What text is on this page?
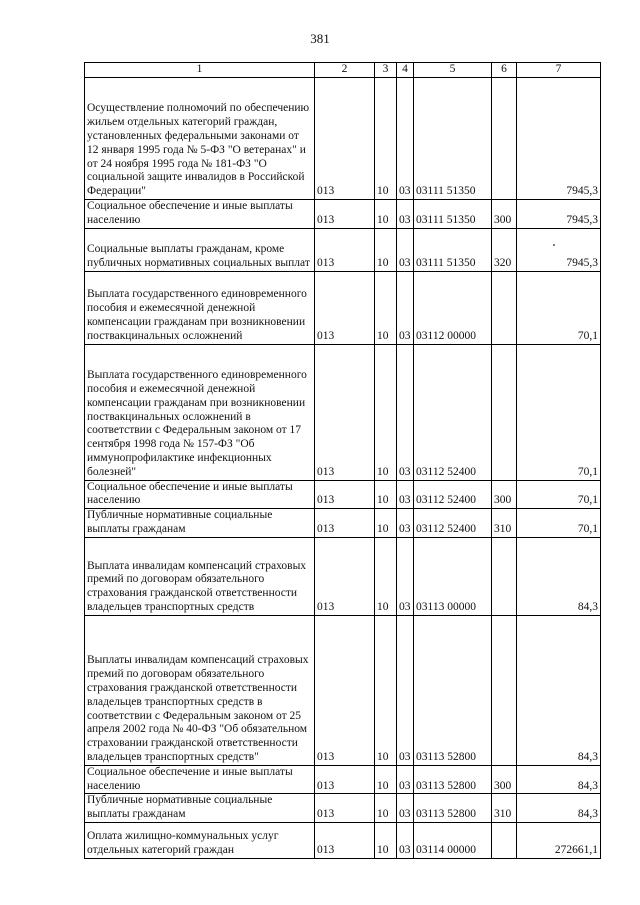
381
1	2	3	4	5	6	7
Осуществление полномочий по обеспечению жильем отдельных категорий граждан, установленных федеральными законами от 12 января 1995 года № 5-ФЗ "О ветеранах" и от 24 ноября 1995 года № 181-ФЗ "О социальной защите инвалидов в Российской Федерации"	013	10	03	03111 51350		7945,3
Социальное обеспечение и иные выплаты населению	013	10	03	03111 51350	300	7945,3
Социальные выплаты гражданам, кроме публичных нормативных социальных выплат	013	10	03	03111 51350	320	7945,3
Выплата государственного единовременного пособия и ежемесячной денежной компенсации гражданам при возникновении поствакцинальных осложнений	013	10	03	03112 00000		70,1
Выплата государственного единовременного пособия и ежемесячной денежной компенсации гражданам при возникновении поствакцинальных осложнений в соответствии с Федеральным законом от 17 сентября 1998 года № 157-ФЗ "Об иммунопрофилактике инфекционных болезней"	013	10	03	03112 52400		70,1
Социальное обеспечение и иные выплаты населению	013	10	03	03112 52400	300	70,1
Публичные нормативные социальные выплаты гражданам	013	10	03	03112 52400	310	70,1
Выплата инвалидам компенсаций страховых премий по договорам обязательного страхования гражданской ответственности владельцев транспортных средств	013	10	03	03113 00000		84,3
Выплаты инвалидам компенсаций страховых премий по договорам обязательного страхования гражданской ответственности владельцев транспортных средств в соответствии с Федеральным законом от 25 апреля 2002 года № 40-ФЗ "Об обязательном страховании гражданской ответственности владельцев транспортных средств"	013	10	03	03113 52800		84,3
Социальное обеспечение и иные выплаты населению	013	10	03	03113 52800	300	84,3
Публичные нормативные социальные выплаты гражданам	013	10	03	03113 52800	310	84,3
Оплата жилищно-коммунальных услуг отдельных категорий граждан	013	10	03	03114 00000		272661,1
